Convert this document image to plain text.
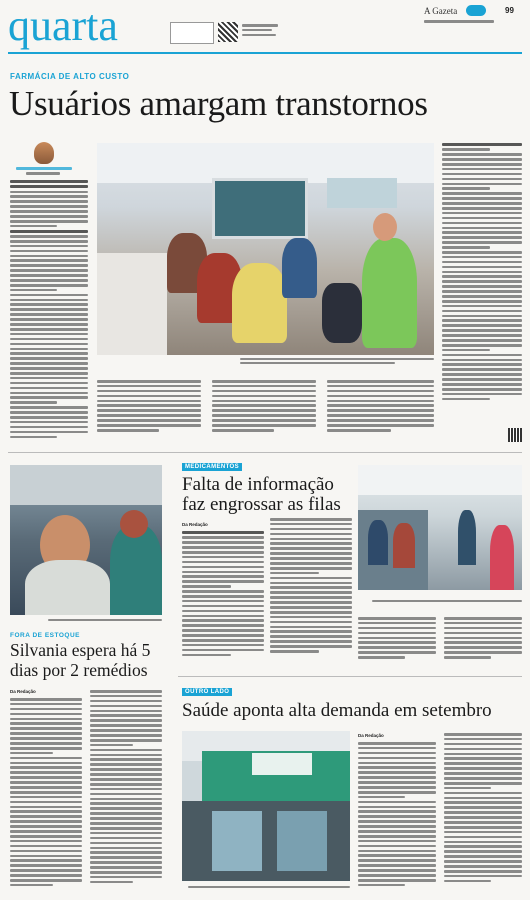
quarta	A Gazeta	99
FARMÁCIA DE ALTO CUSTO
Usuários amargam transtornos
FORA DE ESTOQUE
Silvania espera há 5
dias por 2 remédios
Da Redação
MEDICAMENTOS
Falta de informação
faz engrossar as filas
Da Redação
OUTRO LADO
Saúde aponta alta demanda em setembro
Da Redação
